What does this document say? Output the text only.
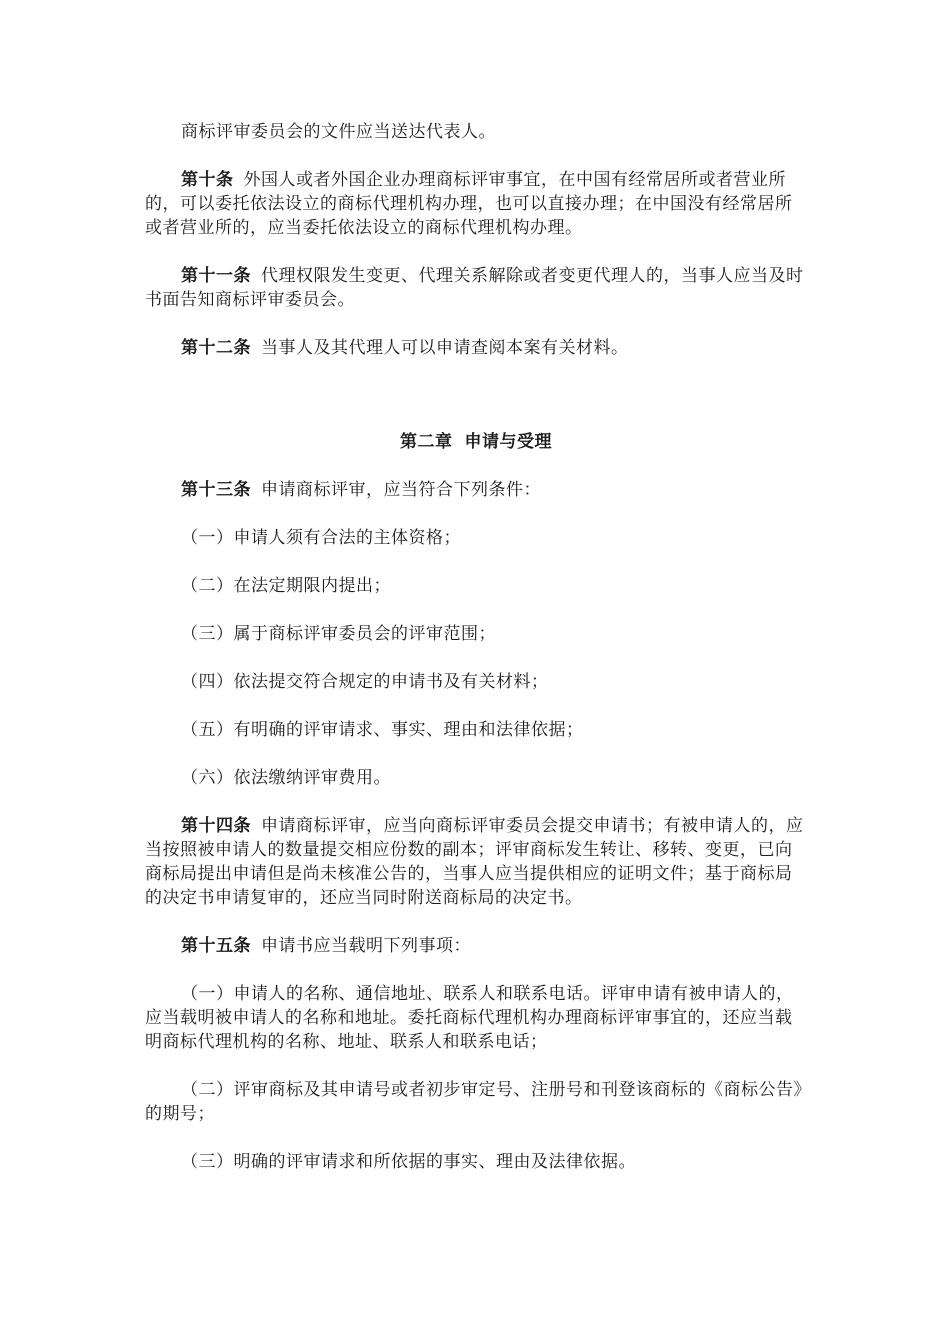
商标评审委员会的文件应当送达代表人。

第十条 外国人或者外国企业办理商标评审事宜，在中国有经常居所或者营业所的，可以委托依法设立的商标代理机构办理，也可以直接办理；在中国没有经常居所或者营业所的，应当委托依法设立的商标代理机构办理。

第十一条 代理权限发生变更、代理关系解除或者变更代理人的，当事人应当及时书面告知商标评审委员会。

第十二条 当事人及其代理人可以申请查阅本案有关材料。

第二章 申请与受理

第十三条 申请商标评审，应当符合下列条件：

（一）申请人须有合法的主体资格；

（二）在法定期限内提出；

（三）属于商标评审委员会的评审范围；

（四）依法提交符合规定的申请书及有关材料；

（五）有明确的评审请求、事实、理由和法律依据；

（六）依法缴纳评审费用。

第十四条 申请商标评审，应当向商标评审委员会提交申请书；有被申请人的，应当按照被申请人的数量提交相应份数的副本；评审商标发生转让、移转、变更，已向商标局提出申请但是尚未核准公告的，当事人应当提供相应的证明文件；基于商标局的决定书申请复审的，还应当同时附送商标局的决定书。

第十五条 申请书应当载明下列事项：

（一）申请人的名称、通信地址、联系人和联系电话。评审申请有被申请人的，应当载明被申请人的名称和地址。委托商标代理机构办理商标评审事宜的，还应当载明商标代理机构的名称、地址、联系人和联系电话；

（二）评审商标及其申请号或者初步审定号、注册号和刊登该商标的《商标公告》的期号；

（三）明确的评审请求和所依据的事实、理由及法律依据。
